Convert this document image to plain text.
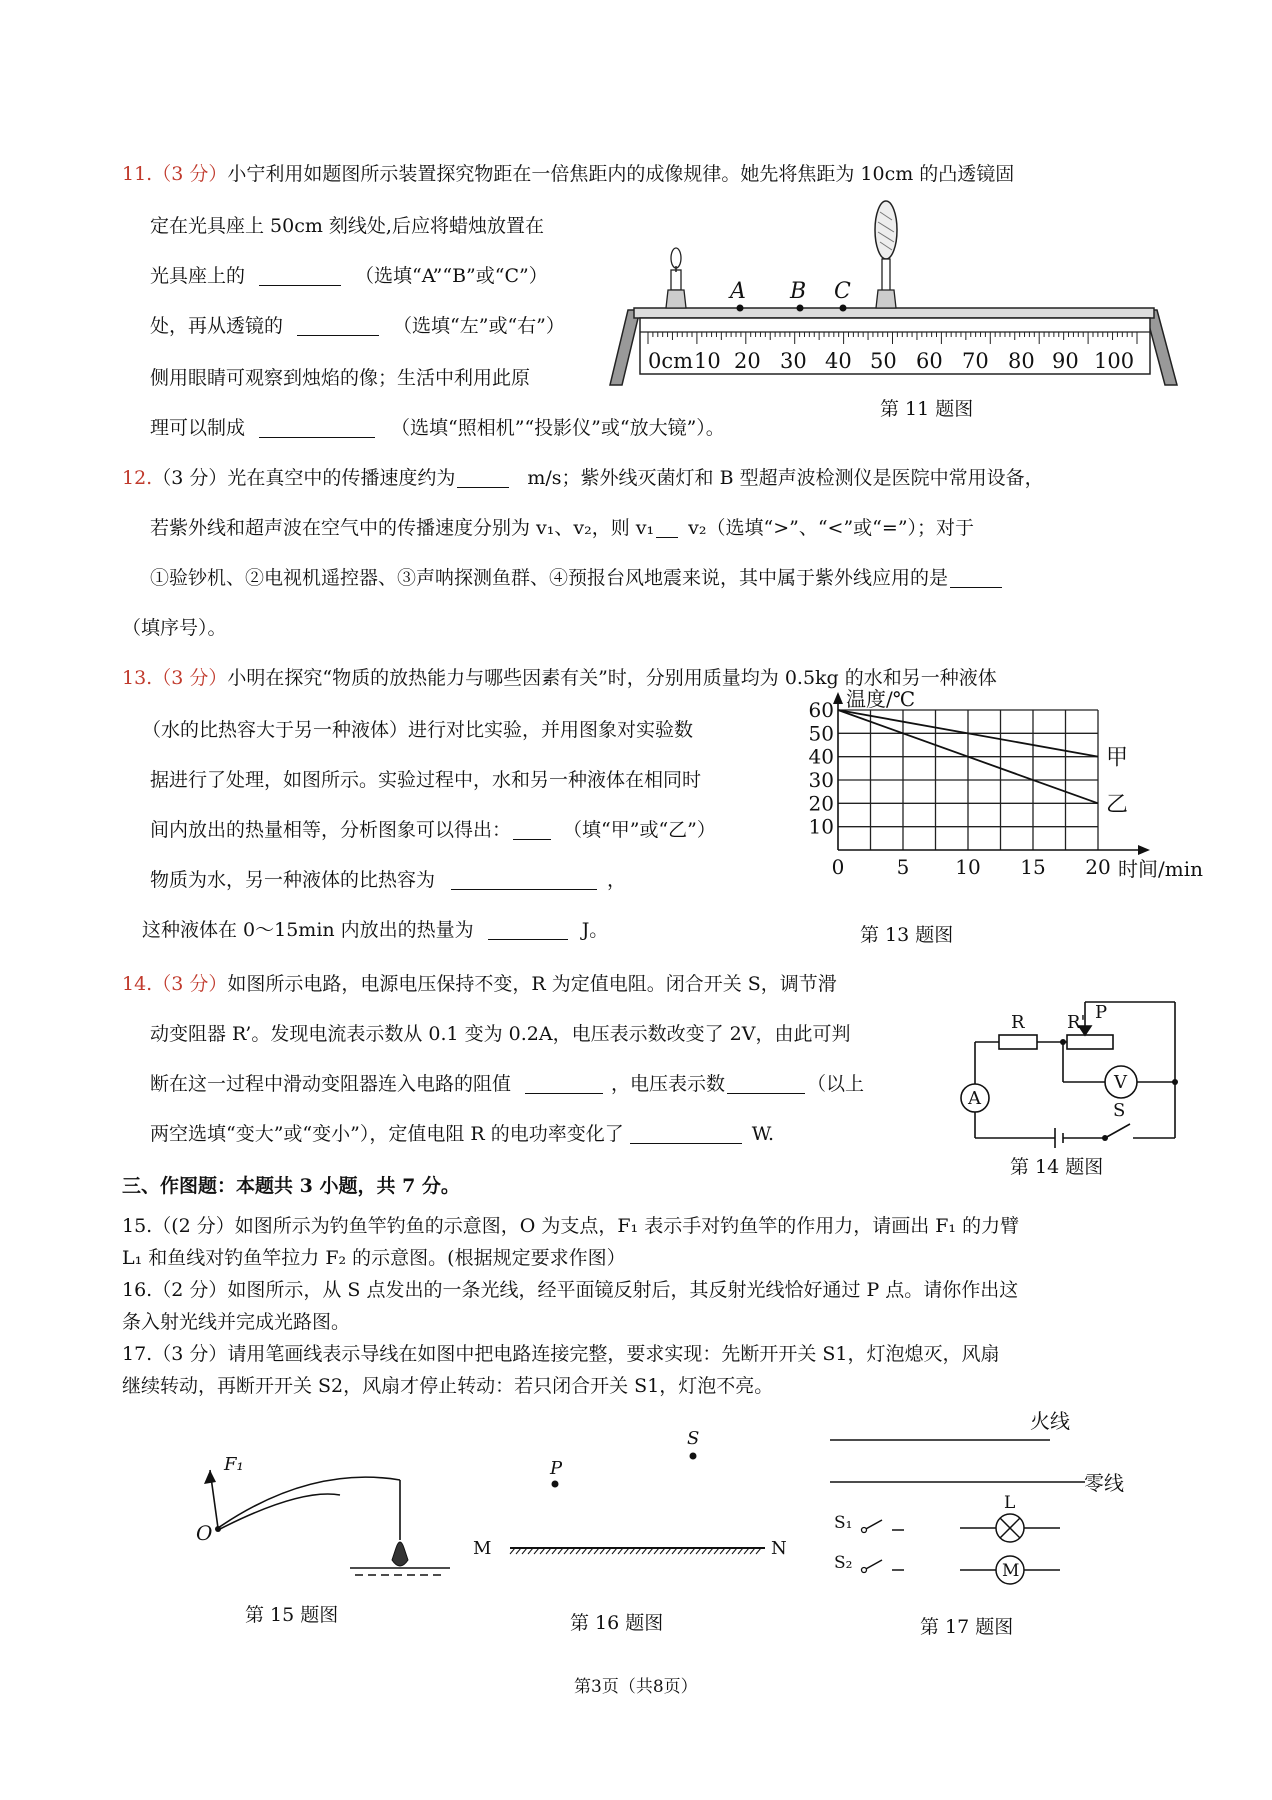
11.（3 分）小宁利用如题图所示装置探究物距在一倍焦距内的成像规律。她先将焦距为 10cm 的凸透镜固
定在光具座上 50cm 刻线处,后应将蜡烛放置在
光具座上的	（选填“A”“B”或“C”）
处，再从透镜的	（选填“左”或“右”）
侧用眼睛可观察到烛焰的像；生活中利用此原
理可以制成	（选填“照相机”“投影仪”或“放大镜”）。
0cm 10 20 30 40 50 60 70 80 90 100
A B C
第 11 题图
12.（3 分）光在真空中的传播速度约为	m/s；紫外线灭菌灯和 B 型超声波检测仪是医院中常用设备，
若紫外线和超声波在空气中的传播速度分别为 v₁、v₂，则 v₁ v₂（选填“>”、“<”或“=”）；对于
①验钞机、②电视机遥控器、③声呐探测鱼群、④预报台风地震来说，其中属于紫外线应用的是
（填序号）。
13.（3 分）小明在探究“物质的放热能力与哪些因素有关”时，分别用质量均为 0.5kg 的水和另一种液体
（水的比热容大于另一种液体）进行对比实验，并用图象对实验数
据进行了处理，如图所示。实验过程中，水和另一种液体在相同时
间内放出的热量相等，分析图象可以得出：	（填“甲”或“乙”）
物质为水，另一种液体的比热容为	，
这种液体在 0～15min 内放出的热量为	J。
甲
乙
0	5 10 15 20
10
20
30
40
50
60 温度/℃
时间/min
第 13 题图
14.（3 分）如图所示电路，电源电压保持不变，R 为定值电阻。闭合开关 S，调节滑
动变阻器 R’。发现电流表示数从 0.1 变为 0.2A，电压表示数改变了 2V，由此可判
断在这一过程中滑动变阻器连入电路的阻值	，电压表示数	（以上
两空选填“变大”或“变小”），定值电阻 R 的电功率变化了	W.
R R' P
A
V
S
第 14 题图
三、作图题：本题共 3 小题，共 7 分。
15.（(2 分）如图所示为钓鱼竿钓鱼的示意图，O 为支点，F₁ 表示手对钓鱼竿的作用力，请画出 F₁ 的力臂
L₁ 和鱼线对钓鱼竿拉力 F₂ 的示意图。(根据规定要求作图）
16.（2 分）如图所示，从 S 点发出的一条光线，经平面镜反射后，其反射光线恰好通过 P 点。请你作出这
条入射光线并完成光路图。
17.（3 分）请用笔画线表示导线在如图中把电路连接完整，要求实现：先断开开关 S1，灯泡熄灭，风扇
继续转动，再断开开关 S2，风扇才停止转动：若只闭合开关 S1，灯泡不亮。
F₁
O
第 15 题图
S
P
M	N
第 16 题图
火线
零线
S₁
S₂
L
M
第 17 题图
第3页（共8页）
